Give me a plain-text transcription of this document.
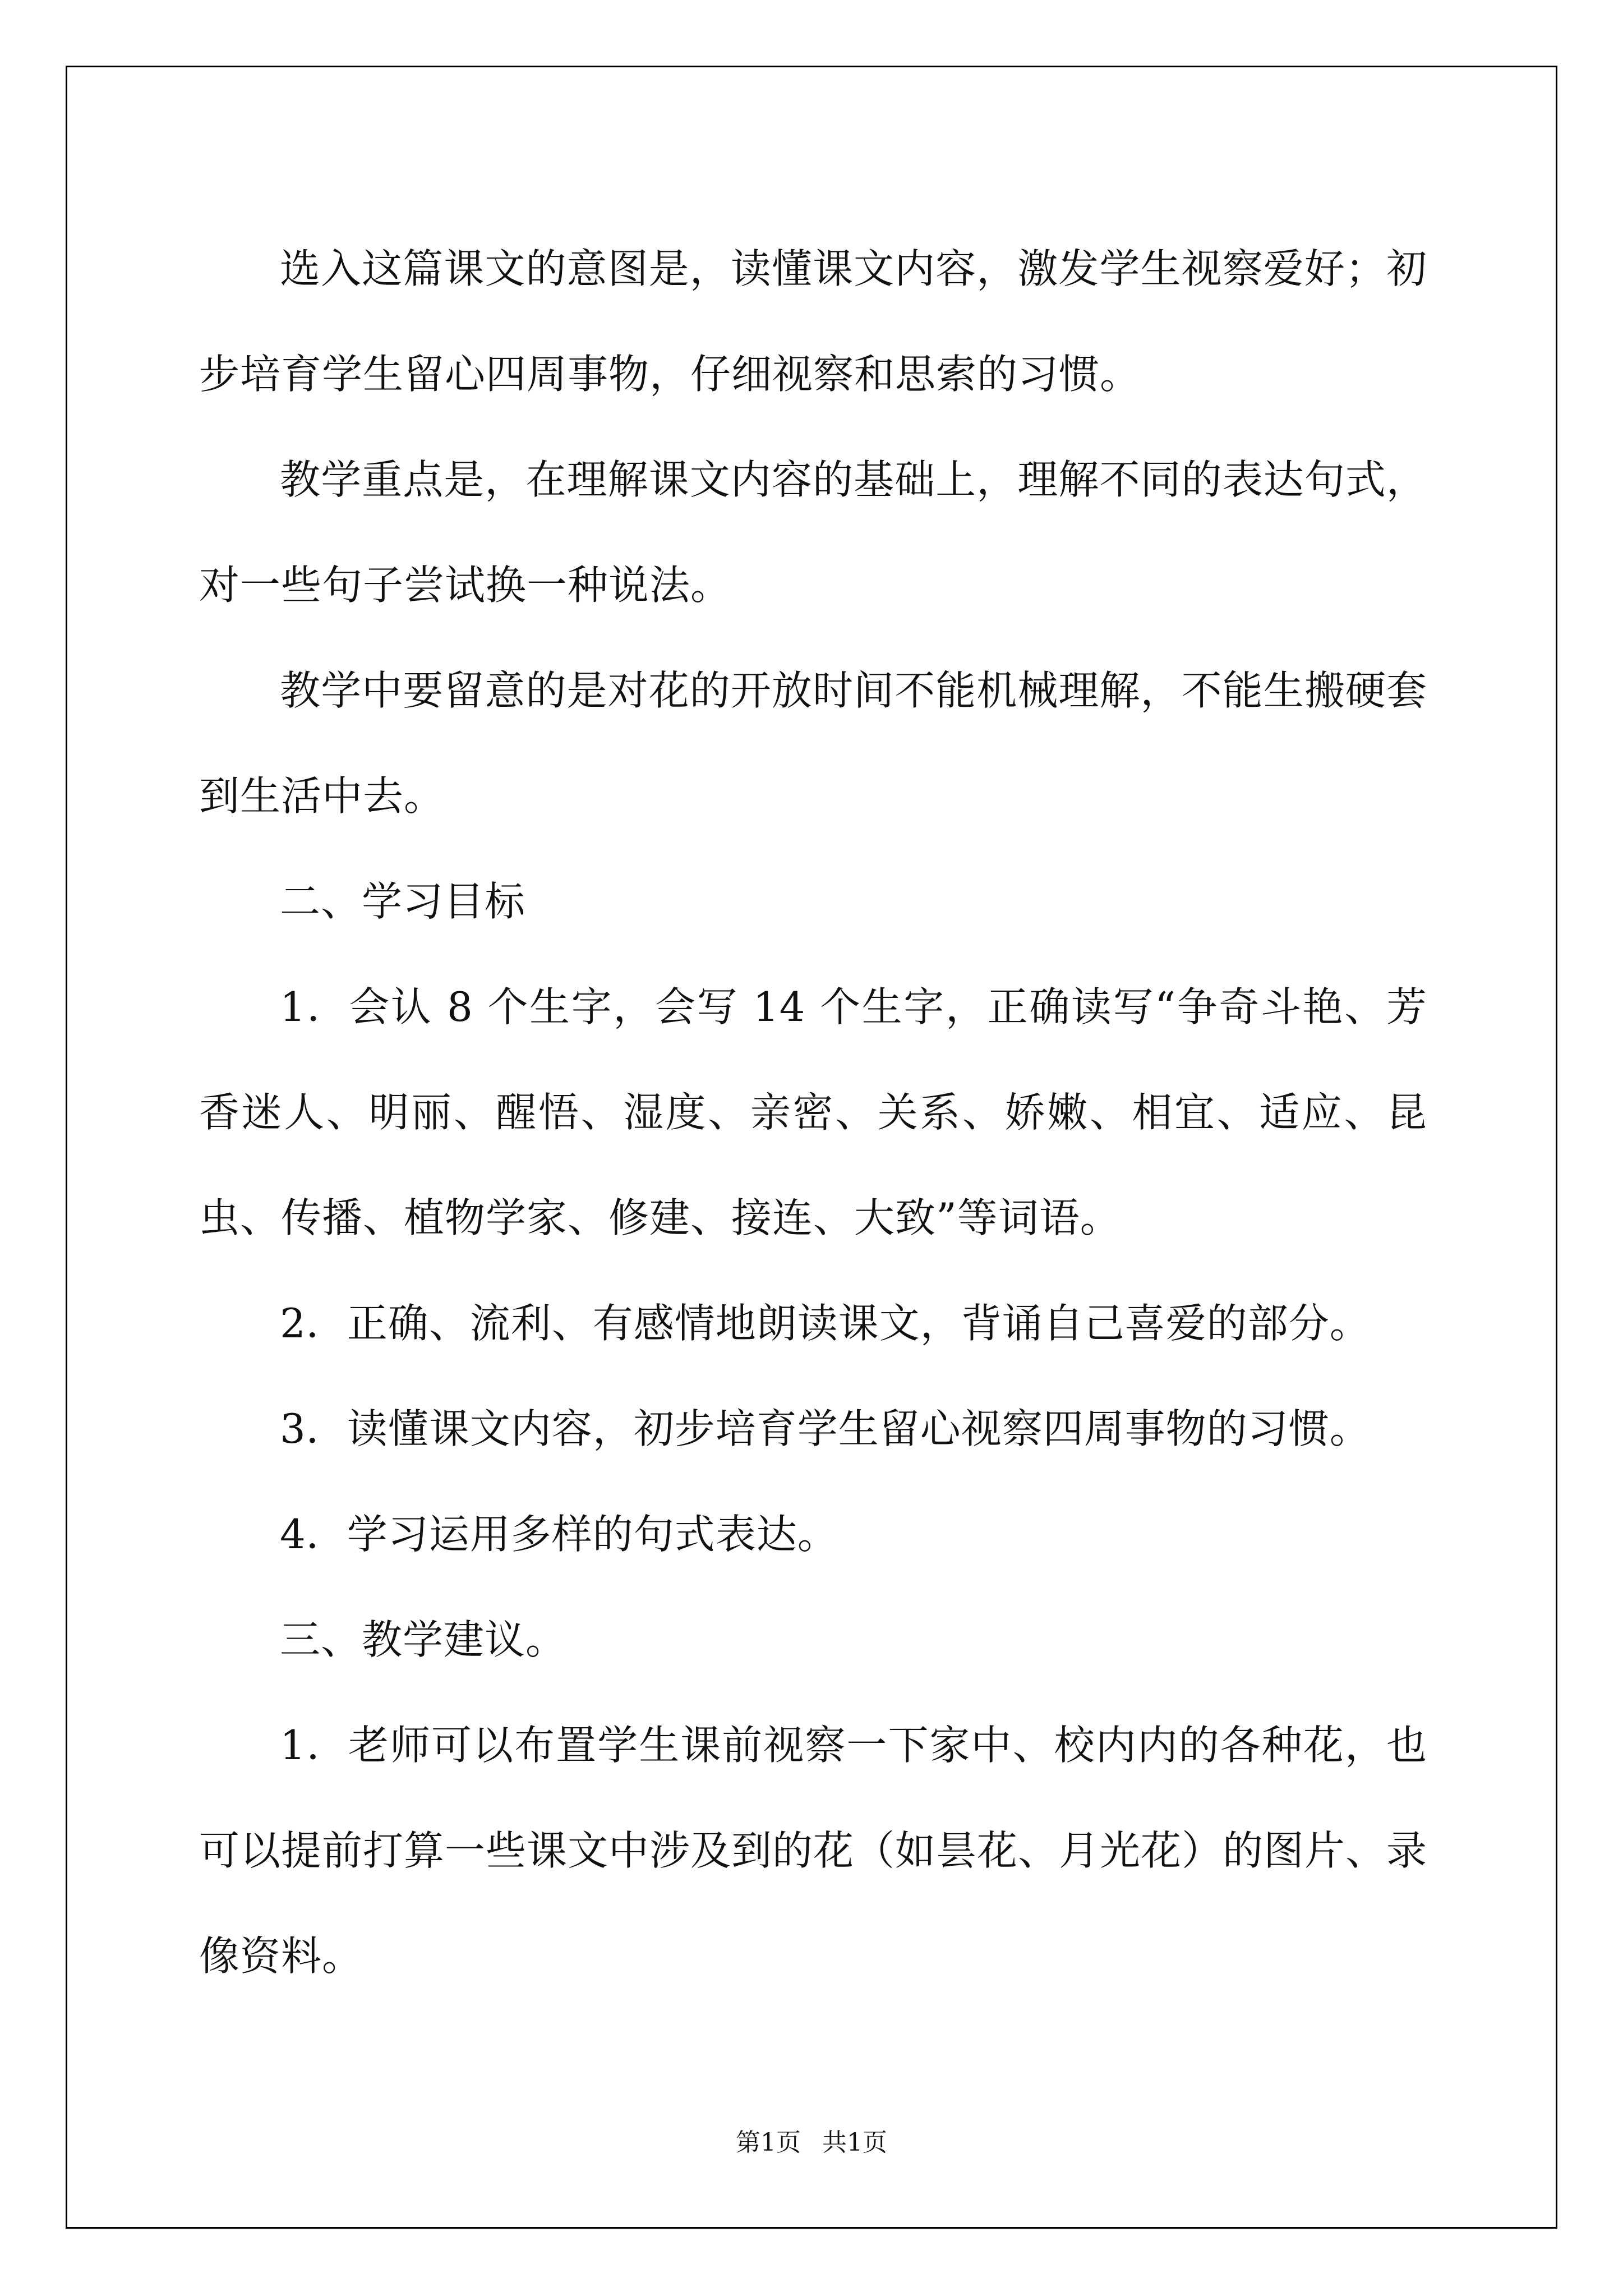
选入这篇课文的意图是，读懂课文内容，激发学生视察爱好；初步培育学生留心四周事物，仔细视察和思索的习惯。

教学重点是，在理解课文内容的基础上，理解不同的表达句式，对一些句子尝试换一种说法。

教学中要留意的是对花的开放时间不能机械理解，不能生搬硬套到生活中去。

二、学习目标

1．会认 8 个生字，会写 14 个生字，正确读写“争奇斗艳、芳香迷人、明丽、醒悟、湿度、亲密、关系、娇嫩、相宜、适应、昆虫、传播、植物学家、修建、接连、大致”等词语。

2．正确、流利、有感情地朗读课文，背诵自己喜爱的部分。

3．读懂课文内容，初步培育学生留心视察四周事物的习惯。

4．学习运用多样的句式表达。

三、教学建议。

1．老师可以布置学生课前视察一下家中、校内内的各种花，也可以提前打算一些课文中涉及到的花（如昙花、月光花）的图片、录像资料。

第1页 共1页
